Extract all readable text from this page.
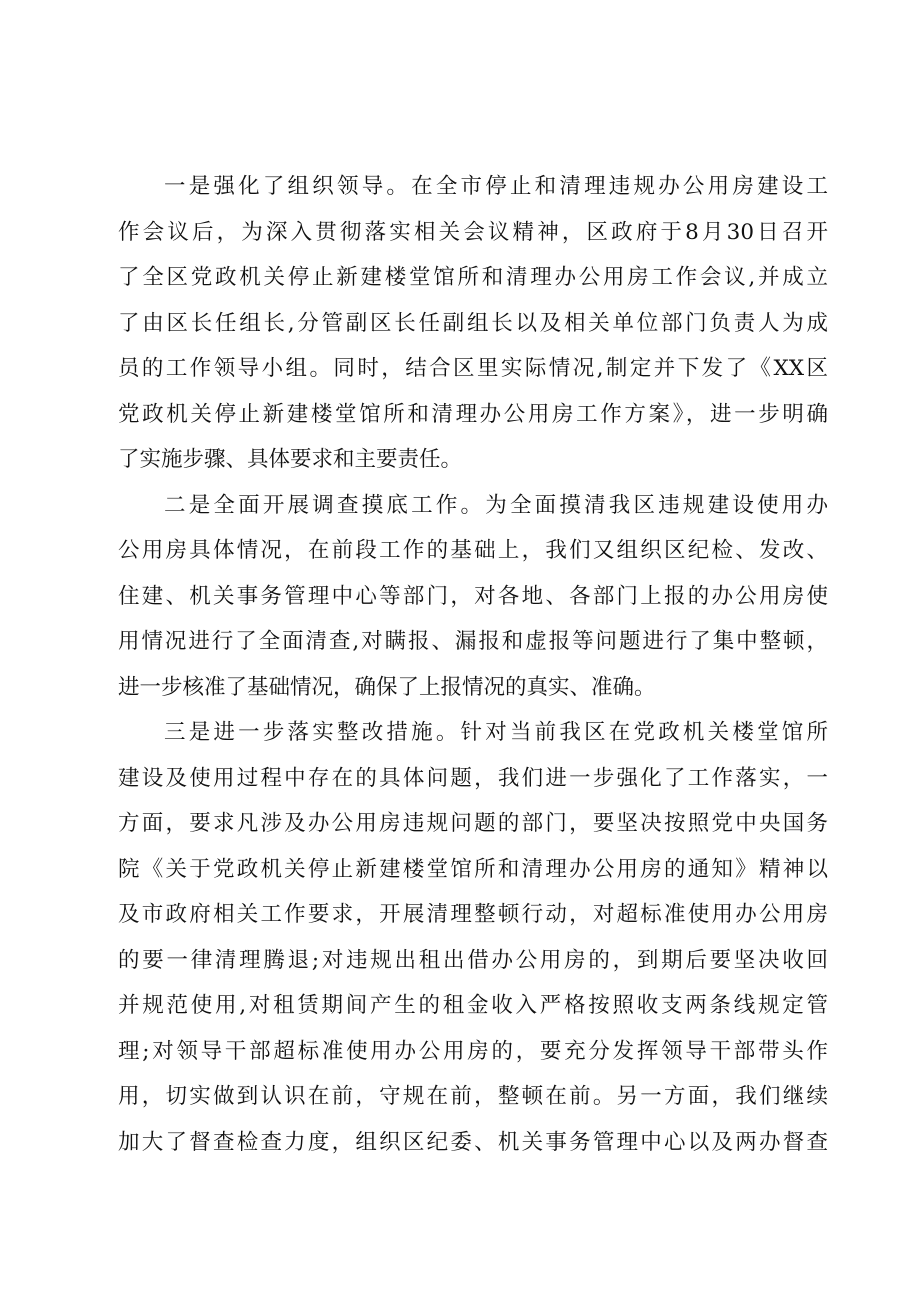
一是强化了组织领导。在全市停止和清理违规办公用房建设工
作会议后，为深入贯彻落实相关会议精神，区政府于8月30日召开
了全区党政机关停止新建楼堂馆所和清理办公用房工作会议,并成立
了由区长任组长,分管副区长任副组长以及相关单位部门负责人为成
员的工作领导小组。同时，结合区里实际情况,制定并下发了《XX区
党政机关停止新建楼堂馆所和清理办公用房工作方案》，进一步明确
了实施步骤、具体要求和主要责任。
二是全面开展调查摸底工作。为全面摸清我区违规建设使用办
公用房具体情况，在前段工作的基础上，我们又组织区纪检、发改、
住建、机关事务管理中心等部门，对各地、各部门上报的办公用房使
用情况进行了全面清查,对瞒报、漏报和虚报等问题进行了集中整顿，
进一步核准了基础情况，确保了上报情况的真实、准确。
三是进一步落实整改措施。针对当前我区在党政机关楼堂馆所
建设及使用过程中存在的具体问题，我们进一步强化了工作落实，一
方面，要求凡涉及办公用房违规问题的部门，要坚决按照党中央国务
院《关于党政机关停止新建楼堂馆所和清理办公用房的通知》精神以
及市政府相关工作要求，开展清理整顿行动，对超标准使用办公用房
的要一律清理腾退;对违规出租出借办公用房的，到期后要坚决收回
并规范使用,对租赁期间产生的租金收入严格按照收支两条线规定管
理;对领导干部超标准使用办公用房的，要充分发挥领导干部带头作
用，切实做到认识在前，守规在前，整顿在前。另一方面，我们继续
加大了督查检查力度，组织区纪委、机关事务管理中心以及两办督查
